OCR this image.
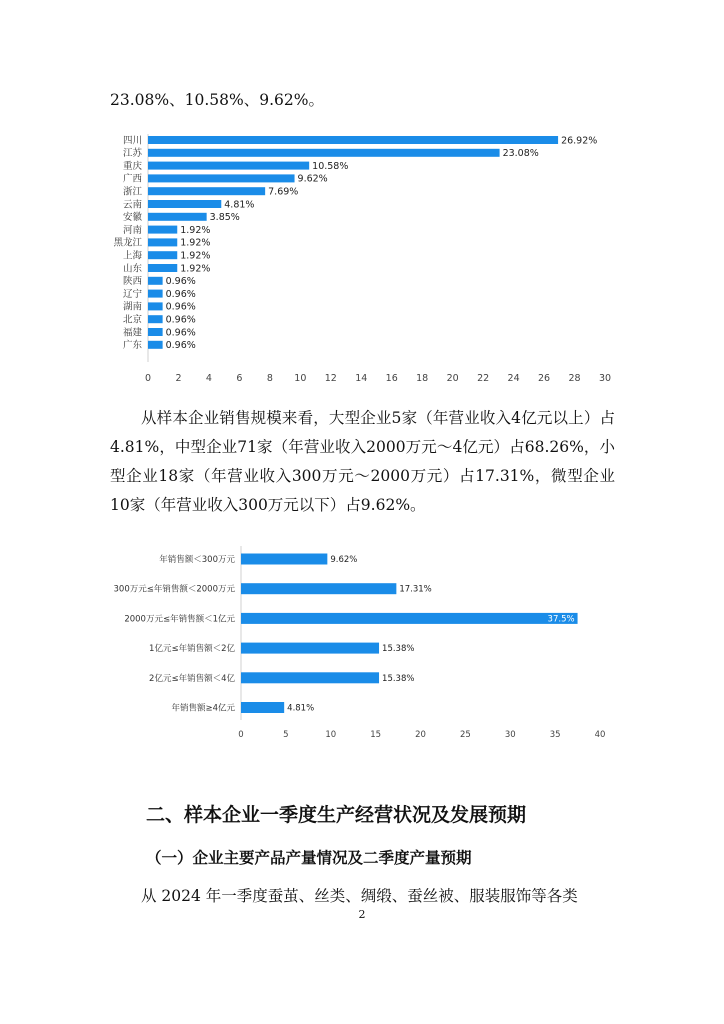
23.08%、10.58%、9.62%。

四川	26.92%
江苏	23.08%
重庆	10.58%
广西	9.62%
浙江	7.69%
云南	4.81%
安徽	3.85%
河南	1.92%
黑龙江	1.92%
上海	1.92%
山东	1.92%
陕西 0.96%
辽宁 0.96%
湖南 0.96%
北京 0.96%
福建 0.96%
广东 0.96%
0	2	4	6	8 10 12 14 16 18 20 22 24 26 28 30
年销售额＜300万元	9.62%
300万元≤年销售额＜2000万元	17.31%
2000万元≤年销售额＜1亿元	37.5%
1亿元≤年销售额＜2亿	15.38%
2亿元≤年销售额＜4亿	15.38%
年销售额≥4亿元	4.81%
0	5	10	15	20	25	30	35	40

从样本企业销售规模来看，大型企业5家（年营业收入4亿元以上）占4.81%，中型企业71家（年营业收入2000万元～4亿元）占68.26%，小型企业18家（年营业收入300万元～2000万元）占17.31%，微型企业10家（年营业收入300万元以下）占9.62%。

二、样本企业一季度生产经营状况及发展预期
（一）企业主要产品产量情况及二季度产量预期

从 2024 年一季度蚕茧、丝类、绸缎、蚕丝被、服装服饰等各类

2
